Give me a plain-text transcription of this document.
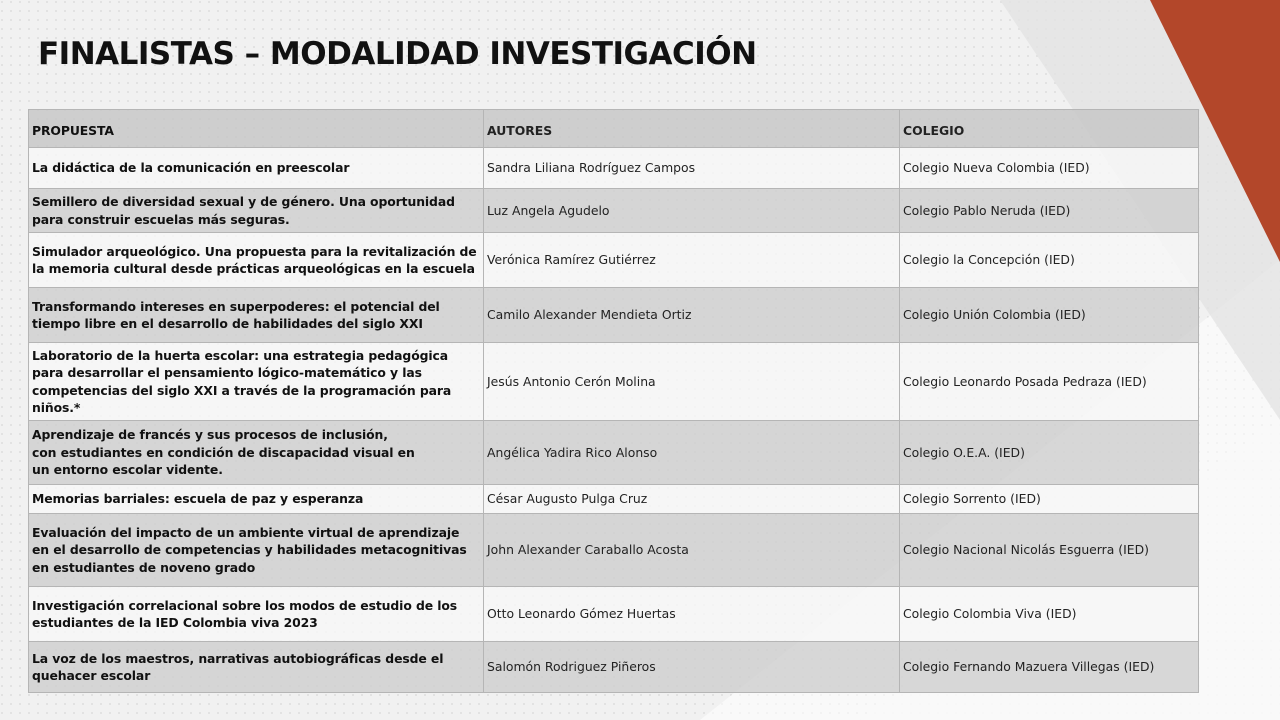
FINALISTAS – MODALIDAD INVESTIGACIÓN
PROPUESTA	AUTORES	COLEGIO
La didáctica de la comunicación en preescolar	Sandra Liliana Rodríguez Campos	Colegio Nueva Colombia (IED)
Semillero de diversidad sexual y de género. Una oportunidad
para construir escuelas más seguras.	Luz Angela Agudelo	Colegio Pablo Neruda (IED)
Simulador arqueológico. Una propuesta para la revitalización de
la memoria cultural desde prácticas arqueológicas en la escuela	Verónica Ramírez Gutiérrez	Colegio la Concepción (IED)
Transformando intereses en superpoderes: el potencial del
tiempo libre en el desarrollo de habilidades del siglo XXI	Camilo Alexander Mendieta Ortiz	Colegio Unión Colombia (IED)
Laboratorio de la huerta escolar: una estrategia pedagógica
para desarrollar el pensamiento lógico-matemático y las
competencias del siglo XXI a través de la programación para
niños.*	Jesús Antonio Cerón Molina	Colegio Leonardo Posada Pedraza (IED)
Aprendizaje de francés y sus procesos de inclusión,
con estudiantes en condición de discapacidad visual en
un entorno escolar vidente.	Angélica Yadira Rico Alonso	Colegio O.E.A. (IED)
Memorias barriales: escuela de paz y esperanza	César Augusto Pulga Cruz	Colegio Sorrento (IED)
Evaluación del impacto de un ambiente virtual de aprendizaje
en el desarrollo de competencias y habilidades metacognitivas
en estudiantes de noveno grado	John Alexander Caraballo Acosta	Colegio Nacional Nicolás Esguerra (IED)
Investigación correlacional sobre los modos de estudio de los
estudiantes de la IED Colombia viva 2023	Otto Leonardo Gómez Huertas	Colegio Colombia Viva (IED)
La voz de los maestros, narrativas autobiográficas desde el
quehacer escolar	Salomón Rodriguez Piñeros	Colegio Fernando Mazuera Villegas (IED)
